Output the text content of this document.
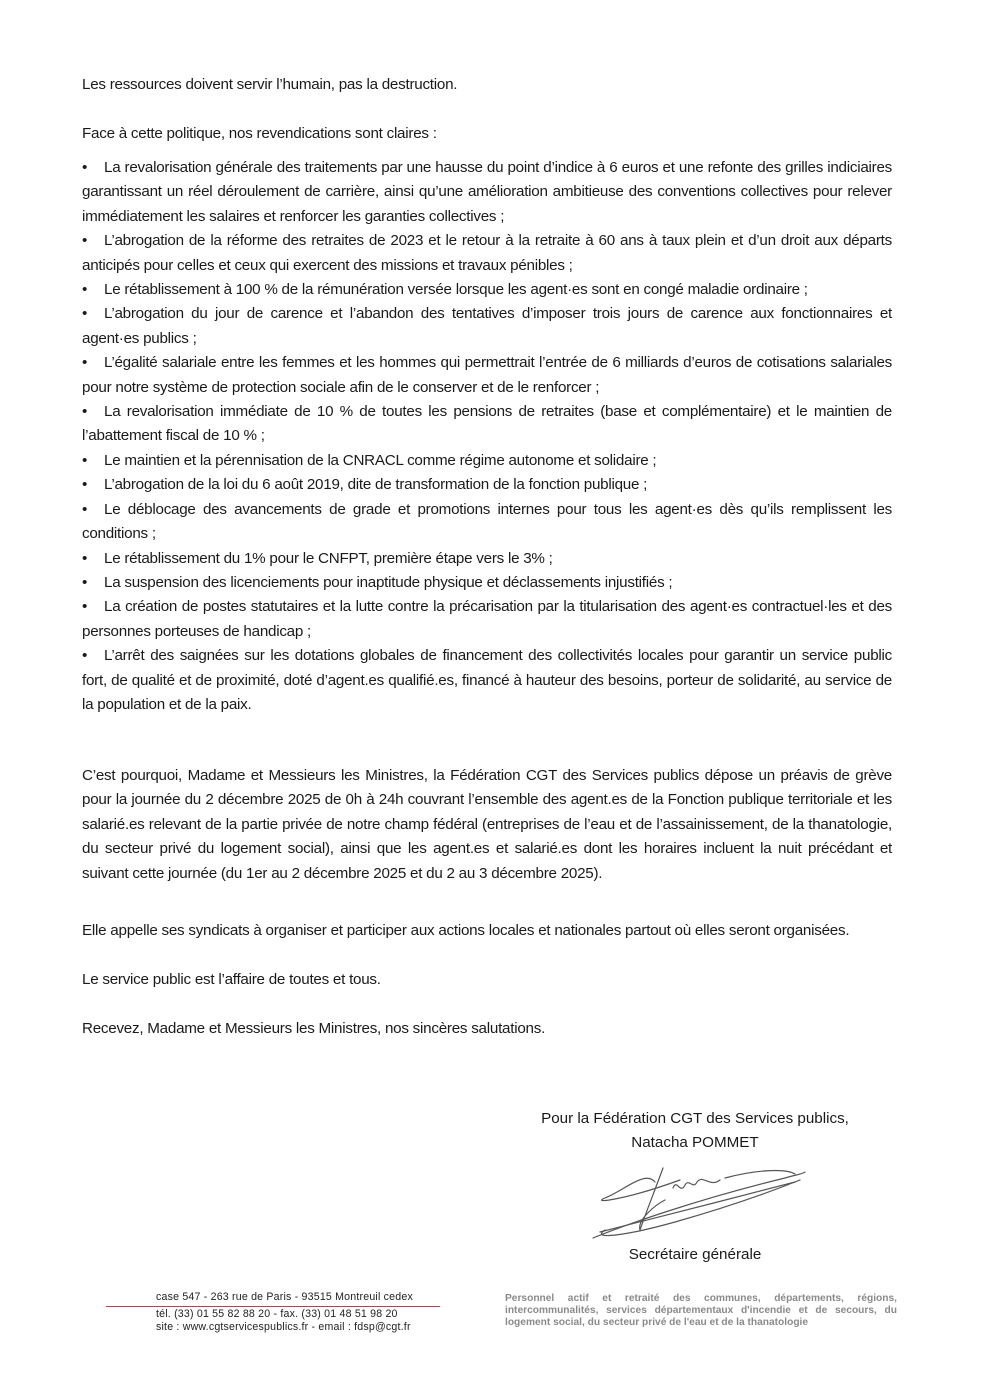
Les ressources doivent servir l’humain, pas la destruction.
Face à cette politique, nos revendications sont claires :
• La revalorisation générale des traitements par une hausse du point d’indice à 6 euros et une refonte des grilles indiciaires garantissant un réel déroulement de carrière, ainsi qu’une amélioration ambitieuse des conventions collectives pour relever immédiatement les salaires et renforcer les garanties collectives ;
• L’abrogation de la réforme des retraites de 2023 et le retour à la retraite à 60 ans à taux plein et d’un droit aux départs anticipés pour celles et ceux qui exercent des missions et travaux pénibles ;
• Le rétablissement à 100 % de la rémunération versée lorsque les agent·es sont en congé maladie ordinaire ;
• L’abrogation du jour de carence et l’abandon des tentatives d’imposer trois jours de carence aux fonctionnaires et agent·es publics ;
• L’égalité salariale entre les femmes et les hommes qui permettrait l’entrée de 6 milliards d’euros de cotisations salariales pour notre système de protection sociale afin de le conserver et de le renforcer ;
• La revalorisation immédiate de 10 % de toutes les pensions de retraites (base et complémentaire) et le maintien de l’abattement fiscal de 10 % ;
• Le maintien et la pérennisation de la CNRACL comme régime autonome et solidaire ;
• L’abrogation de la loi du 6 août 2019, dite de transformation de la fonction publique ;
• Le déblocage des avancements de grade et promotions internes pour tous les agent·es dès qu’ils remplissent les conditions ;
• Le rétablissement du 1% pour le CNFPT, première étape vers le 3% ;
• La suspension des licenciements pour inaptitude physique et déclassements injustifiés ;
• La création de postes statutaires et la lutte contre la précarisation par la titularisation des agent·es contractuel·les et des personnes porteuses de handicap ;
• L’arrêt des saignées sur les dotations globales de financement des collectivités locales pour garantir un service public fort, de qualité et de proximité, doté d’agent.es qualifié.es, financé à hauteur des besoins, porteur de solidarité, au service de la population et de la paix.
C’est pourquoi, Madame et Messieurs les Ministres, la Fédération CGT des Services publics dépose un préavis de grève pour la journée du 2 décembre 2025 de 0h à 24h couvrant l’ensemble des agent.es de la Fonction publique territoriale et les salarié.es relevant de la partie privée de notre champ fédéral (entreprises de l’eau et de l’assainissement, de la thanatologie, du secteur privé du logement social), ainsi que les agent.es et salarié.es dont les horaires incluent la nuit précédant et suivant cette journée (du 1er au 2 décembre 2025 et du 2 au 3 décembre 2025).
Elle appelle ses syndicats à organiser et participer aux actions locales et nationales partout où elles seront organisées.
Le service public est l’affaire de toutes et tous.
Recevez, Madame et Messieurs les Ministres, nos sincères salutations.
Pour la Fédération CGT des Services publics,
Natacha POMMET
Secrétaire générale
case 547 - 263 rue de Paris - 93515 Montreuil cedex
tél. (33) 01 55 82 88 20 - fax. (33) 01 48 51 98 20
site : www.cgtservicespublics.fr - email : fdsp@cgt.fr
Personnel actif et retraité des communes, départements, régions, intercommunalités, services départementaux d'incendie et de secours, du logement social, du secteur privé de l'eau et de la thanatologie
